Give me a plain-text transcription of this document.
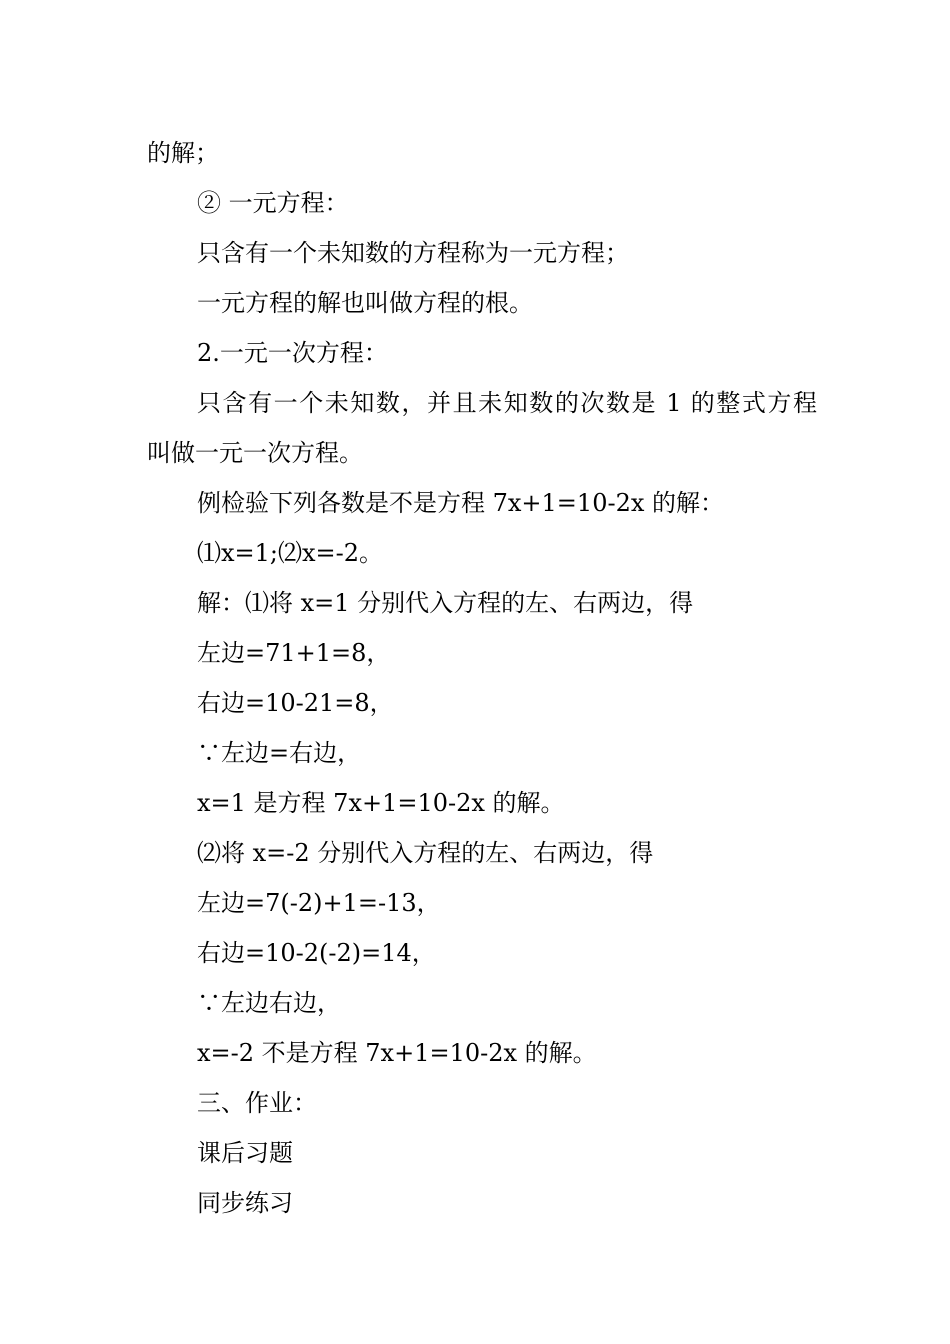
的解；

② 一元方程：

只含有一个未知数的方程称为一元方程；

一元方程的解也叫做方程的根。

2.一元一次方程：

只含有一个未知数，并且未知数的次数是 1 的整式方程

叫做一元一次方程。

例检验下列各数是不是方程 7x+1=10-2x 的解：

⑴x=1;⑵x=-2。

解：⑴将 x=1 分别代入方程的左、右两边，得

左边=71+1=8，

右边=10-21=8，

∵左边=右边，

x=1 是方程 7x+1=10-2x 的解。

⑵将 x=-2 分别代入方程的左、右两边，得

左边=7(-2)+1=-13，

右边=10-2(-2)=14，

∵左边右边，

x=-2 不是方程 7x+1=10-2x 的解。

三、作业：

课后习题

同步练习
